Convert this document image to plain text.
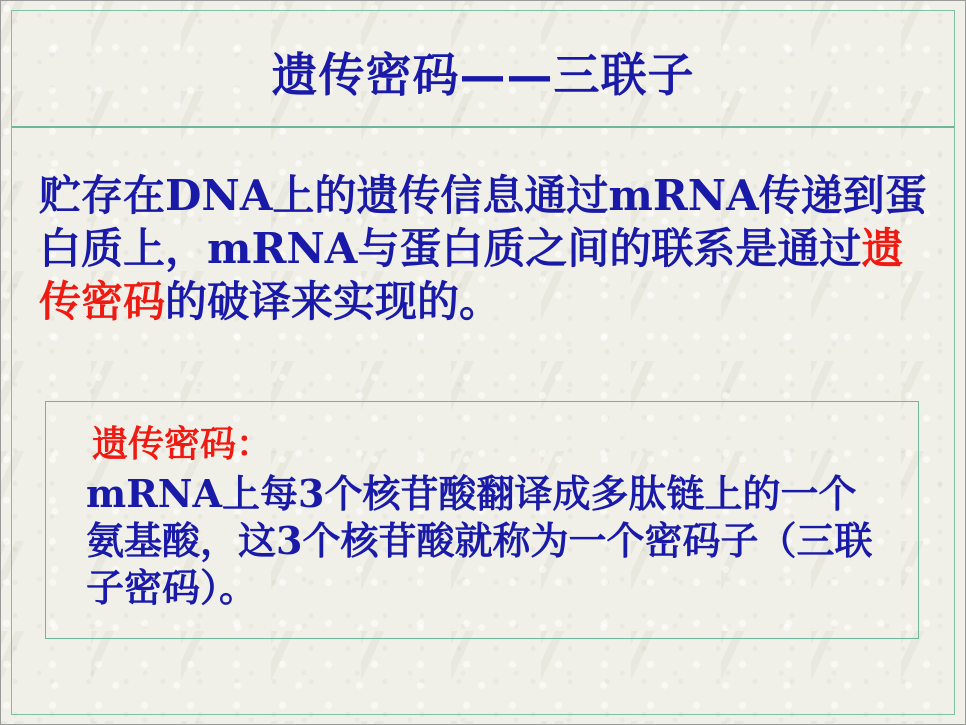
遗传密码——三联子
贮存在DNA上的遗传信息通过mRNA传递到蛋白质上，mRNA与蛋白质之间的联系是通过遗传密码的破译来实现的。
遗传密码：
mRNA上每3个核苷酸翻译成多肽链上的一个氨基酸，这3个核苷酸就称为一个密码子（三联子密码）。
